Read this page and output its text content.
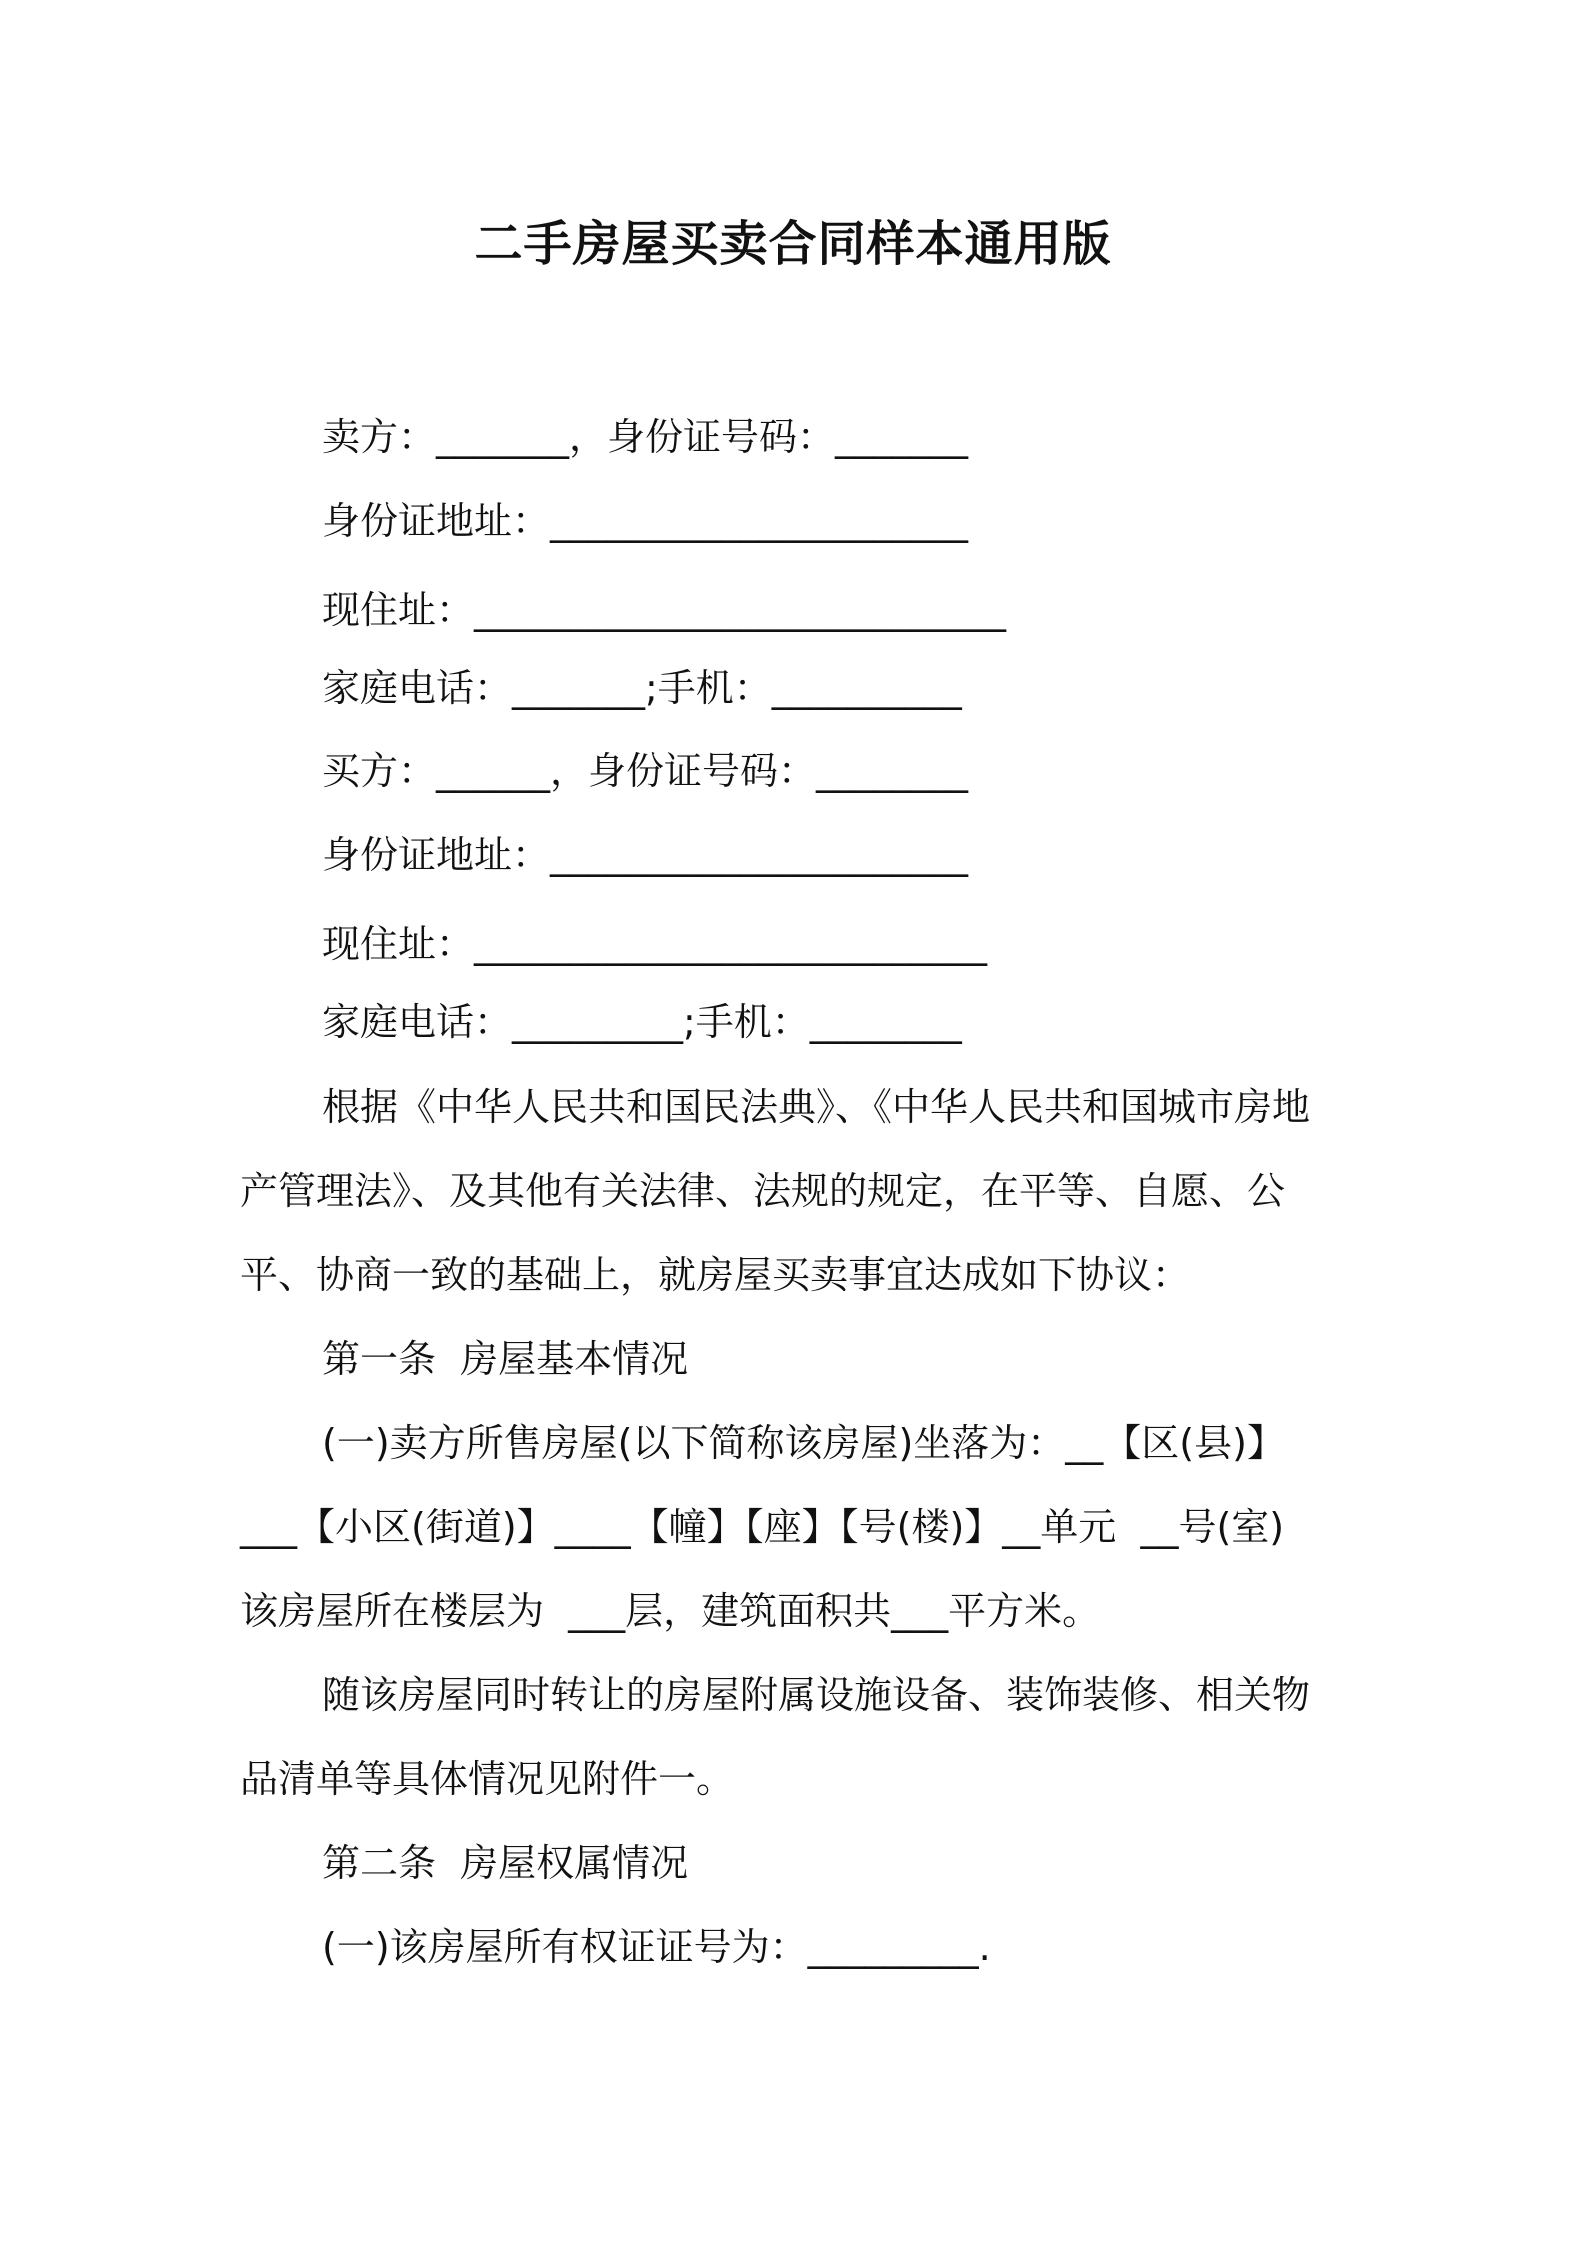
二手房屋买卖合同样本通用版
卖方：_______，身份证号码：_______
身份证地址：______________________
现住址：____________________________
家庭电话：_______;手机：__________
买方：______，身份证号码：________
身份证地址：______________________
现住址：___________________________
家庭电话：_________;手机：________
根据《中华人民共和国民法典》、《中华人民共和国城市房地
产管理法》、及其他有关法律、法规的规定，在平等、自愿、公
平、协商一致的基础上，就房屋买卖事宜达成如下协议：
第一条  房屋基本情况
(一)卖方所售房屋(以下简称该房屋)坐落为：__【区(县)】
___【小区(街道)】____【幢】【座】【号(楼)】__单元  __号(室)
该房屋所在楼层为  ___层，建筑面积共___平方米。
随该房屋同时转让的房屋附属设施设备、装饰装修、相关物
品清单等具体情况见附件一。
第二条  房屋权属情况
(一)该房屋所有权证证号为：_________.
